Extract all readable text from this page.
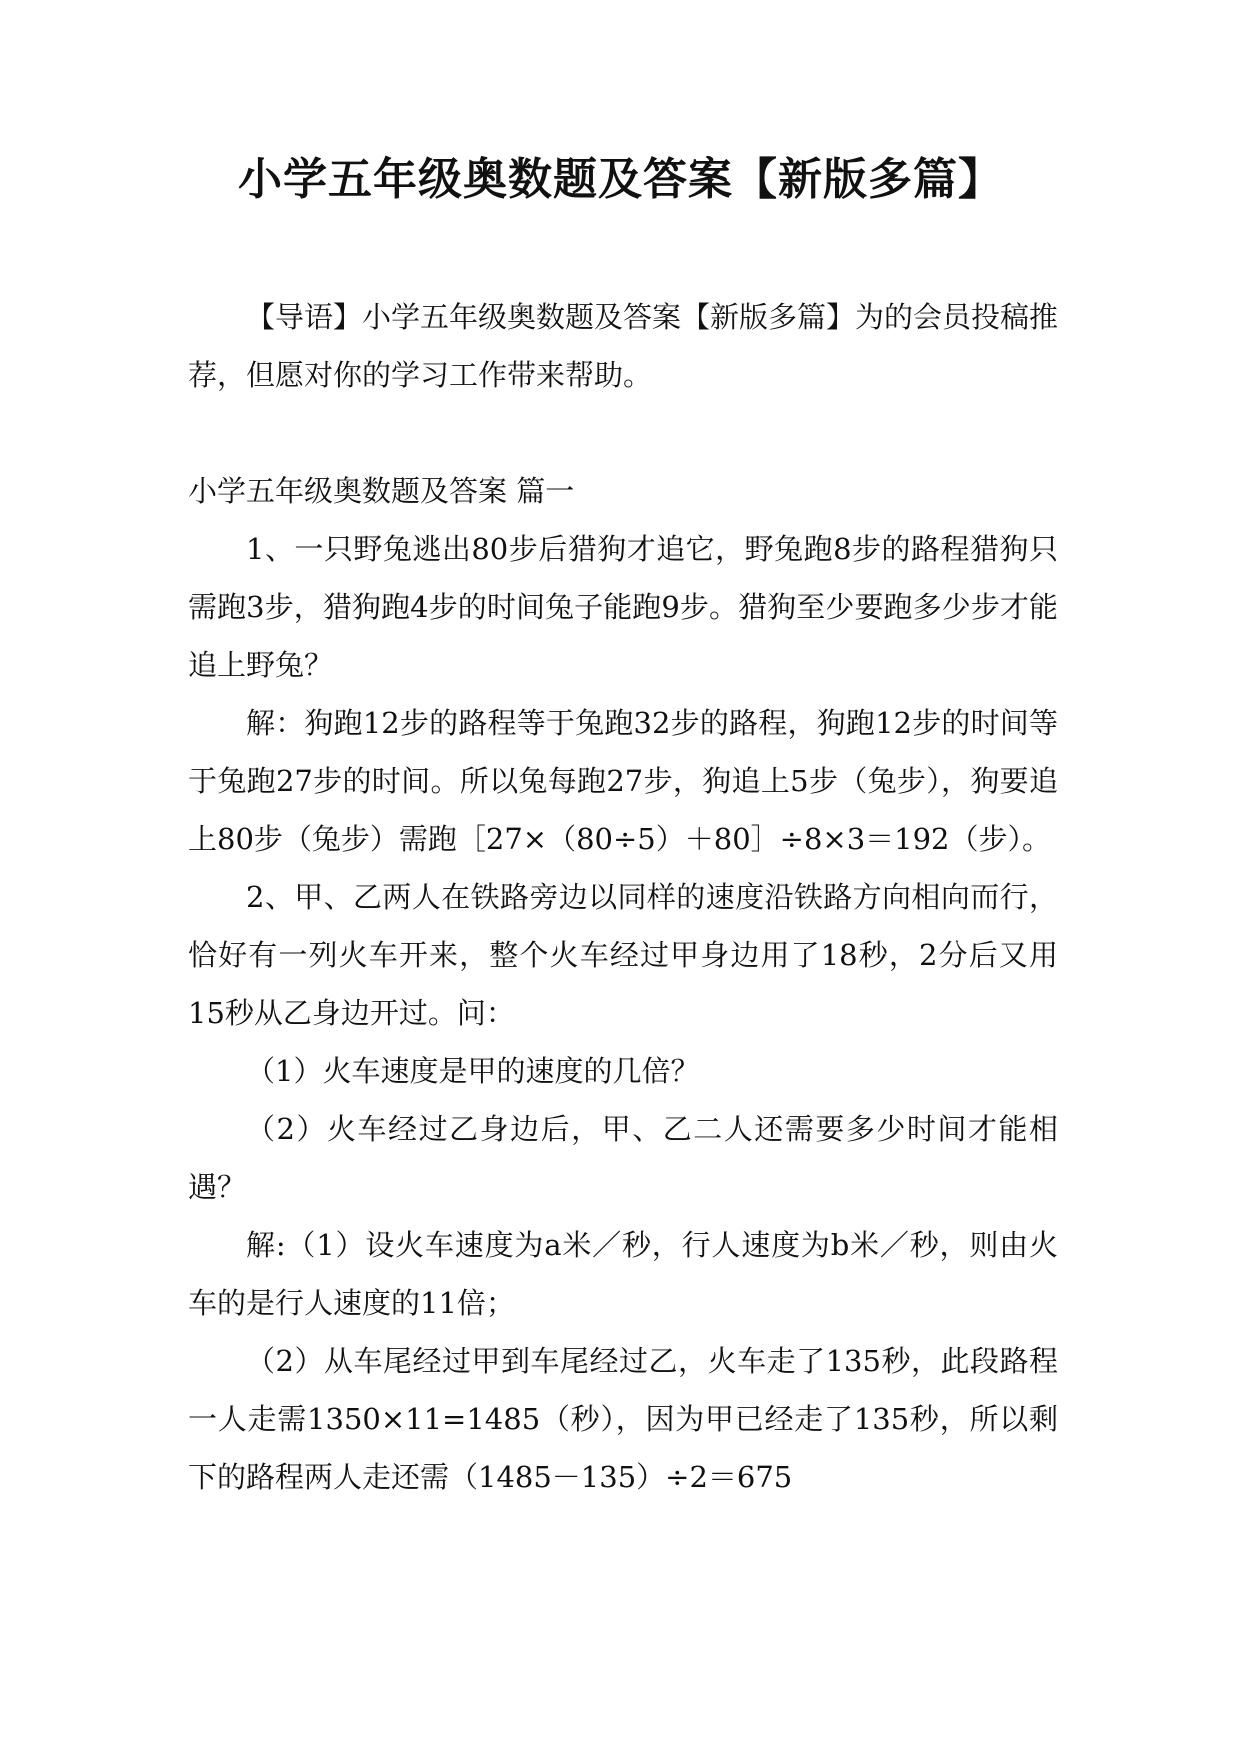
小学五年级奥数题及答案【新版多篇】

【导语】小学五年级奥数题及答案【新版多篇】为的会员投稿推荐，但愿对你的学习工作带来帮助。

小学五年级奥数题及答案 篇一

1、一只野兔逃出80步后猎狗才追它，野兔跑8步的路程猎狗只需跑3步，猎狗跑4步的时间兔子能跑9步。猎狗至少要跑多少步才能追上野兔？

解：狗跑12步的路程等于兔跑32步的路程，狗跑12步的时间等于兔跑27步的时间。所以兔每跑27步，狗追上5步（兔步），狗要追上80步（兔步）需跑［27×（80÷5）＋80］÷8×3＝192（步）。

2、甲、乙两人在铁路旁边以同样的速度沿铁路方向相向而行，恰好有一列火车开来，整个火车经过甲身边用了18秒，2分后又用15秒从乙身边开过。问：

（1）火车速度是甲的速度的几倍？

（2）火车经过乙身边后，甲、乙二人还需要多少时间才能相遇？

解:（1）设火车速度为a米／秒，行人速度为b米／秒，则由火车的是行人速度的11倍；

（2）从车尾经过甲到车尾经过乙，火车走了135秒，此段路程一人走需1350×11=1485（秒），因为甲已经走了135秒，所以剩下的路程两人走还需（1485－135）÷2＝675
